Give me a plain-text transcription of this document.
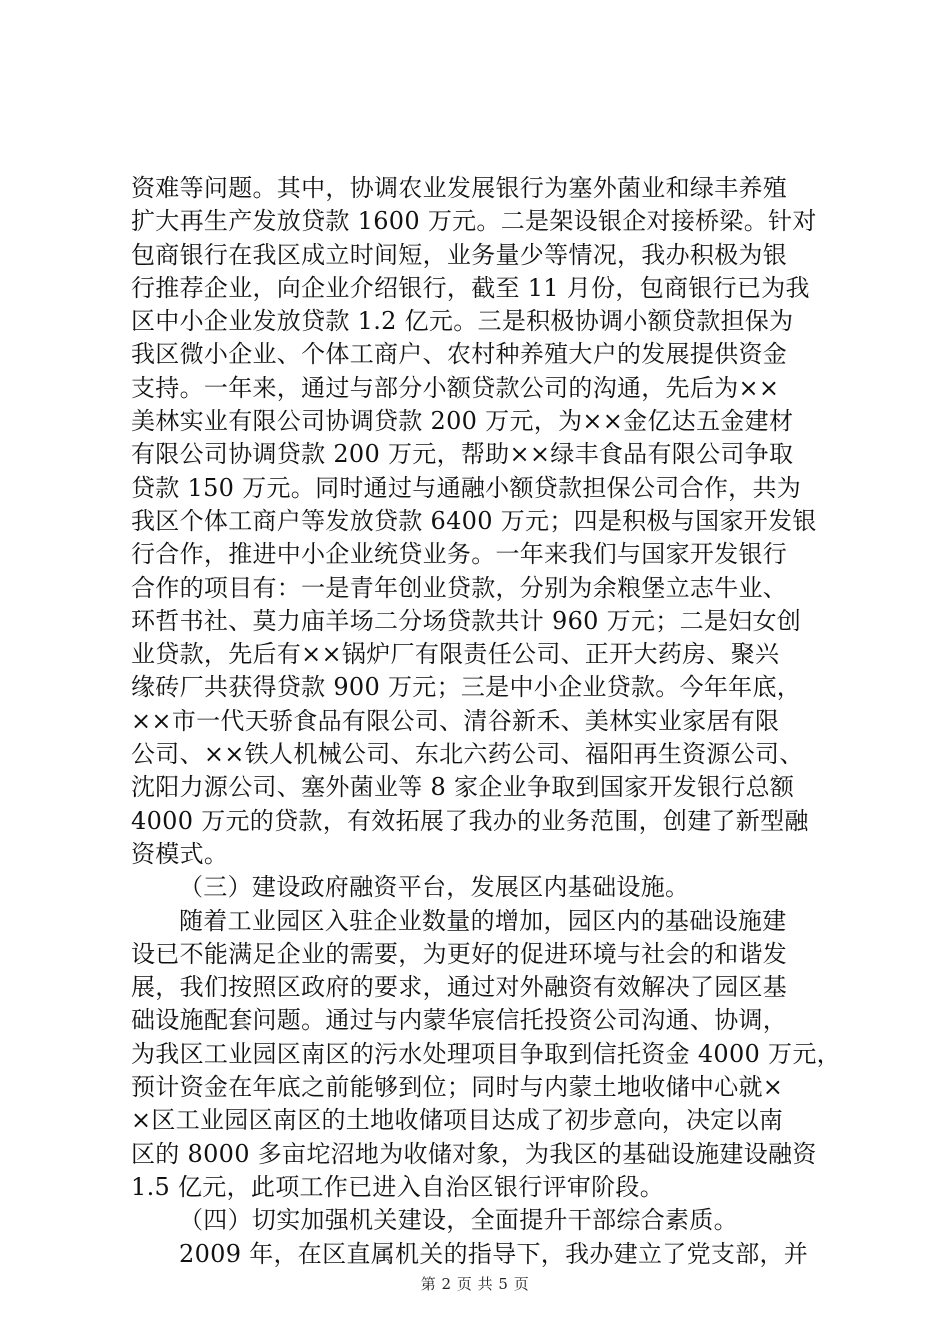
资难等问题。其中，协调农业发展银行为塞外菌业和绿丰养殖
扩大再生产发放贷款 1600 万元。二是架设银企对接桥梁。针对
包商银行在我区成立时间短，业务量少等情况，我办积极为银
行推荐企业，向企业介绍银行，截至 11 月份，包商银行已为我
区中小企业发放贷款 1.2 亿元。三是积极协调小额贷款担保为
我区微小企业、个体工商户、农村种养殖大户的发展提供资金
支持。一年来，通过与部分小额贷款公司的沟通，先后为××
美林实业有限公司协调贷款 200 万元，为××金亿达五金建材
有限公司协调贷款 200 万元，帮助××绿丰食品有限公司争取
贷款 150 万元。同时通过与通融小额贷款担保公司合作，共为
我区个体工商户等发放贷款 6400 万元；四是积极与国家开发银
行合作，推进中小企业统贷业务。一年来我们与国家开发银行
合作的项目有：一是青年创业贷款，分别为余粮堡立志牛业、
环哲书社、莫力庙羊场二分场贷款共计 960 万元；二是妇女创
业贷款，先后有××锅炉厂有限责任公司、正开大药房、聚兴
缘砖厂共获得贷款 900 万元；三是中小企业贷款。今年年底，
××市一代天骄食品有限公司、清谷新禾、美林实业家居有限
公司、××铁人机械公司、东北六药公司、福阳再生资源公司、
沈阳力源公司、塞外菌业等 8 家企业争取到国家开发银行总额
4000 万元的贷款，有效拓展了我办的业务范围，创建了新型融
资模式。
（三）建设政府融资平台，发展区内基础设施。
随着工业园区入驻企业数量的增加，园区内的基础设施建
设已不能满足企业的需要，为更好的促进环境与社会的和谐发
展，我们按照区政府的要求，通过对外融资有效解决了园区基
础设施配套问题。通过与内蒙华宸信托投资公司沟通、协调，
为我区工业园区南区的污水处理项目争取到信托资金 4000 万元，
预计资金在年底之前能够到位；同时与内蒙土地收储中心就×
×区工业园区南区的土地收储项目达成了初步意向，决定以南
区的 8000 多亩坨沼地为收储对象，为我区的基础设施建设融资
1.5 亿元，此项工作已进入自治区银行评审阶段。
（四）切实加强机关建设，全面提升干部综合素质。
2009 年，在区直属机关的指导下，我办建立了党支部，并
第 2 页 共 5 页
